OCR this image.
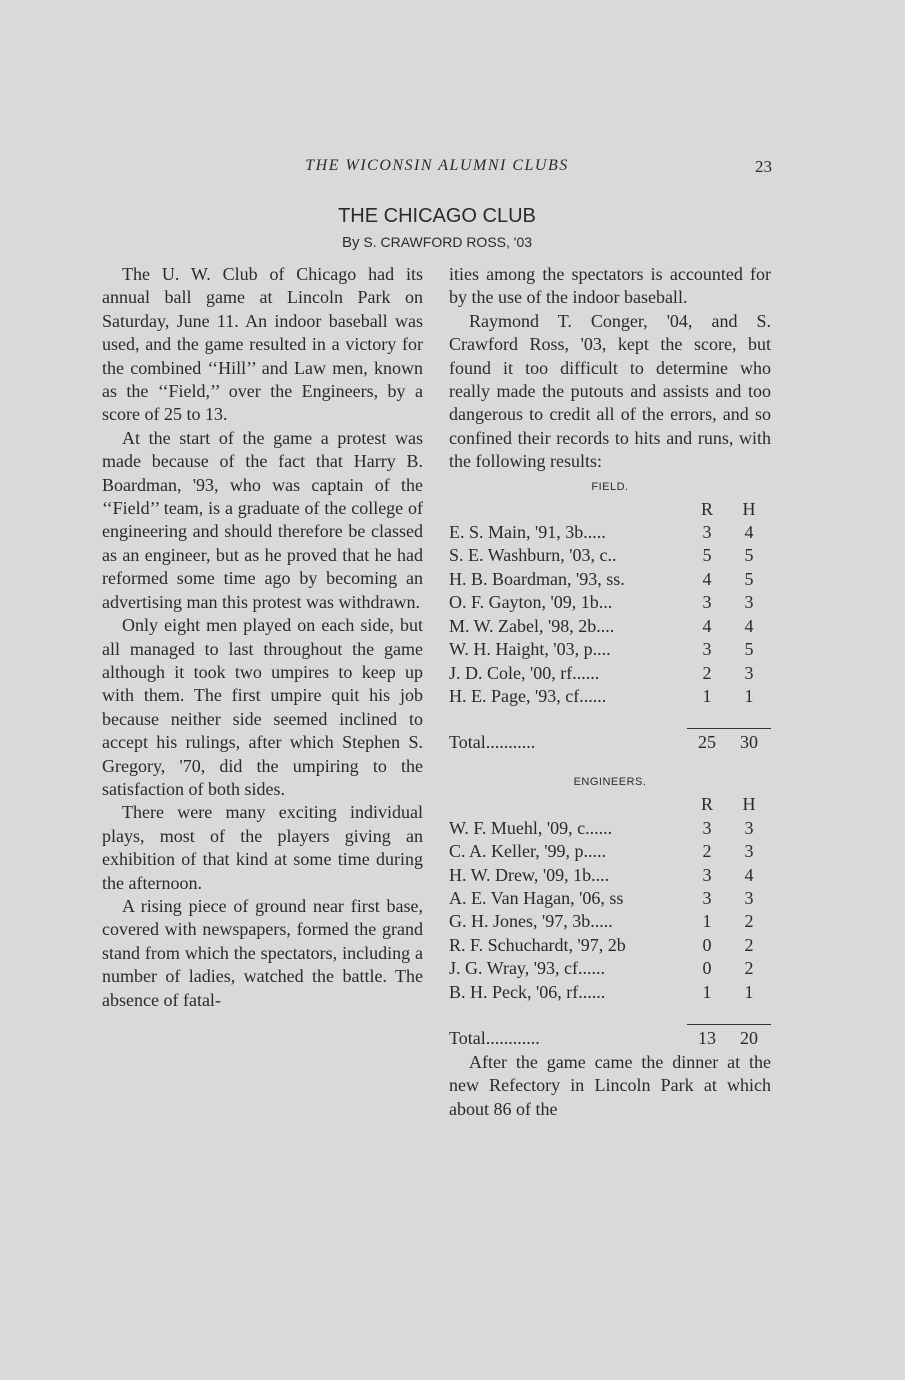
THE WICONSIN ALUMNI CLUBS	23
THE CHICAGO CLUB
By S. CRAWFORD ROSS, '03

The U. W. Club of Chicago had its annual ball game at Lincoln Park on Saturday, June 11. An indoor baseball was used, and the game resulted in a victory for the combined ‘‘Hill’’ and Law men, known as the ‘‘Field,’’ over the Engineers, by a score of 25 to 13.

At the start of the game a protest was made because of the fact that Harry B. Boardman, '93, who was captain of the ‘‘Field’’ team, is a graduate of the college of engineering and should therefore be classed as an engineer, but as he proved that he had reformed some time ago by becoming an advertising man this protest was withdrawn.

Only eight men played on each side, but all managed to last throughout the game although it took two umpires to keep up with them. The first umpire quit his job because neither side seemed inclined to accept his rulings, after which Stephen S. Gregory, '70, did the umpiring to the satisfaction of both sides.

There were many exciting individual plays, most of the players giving an exhibition of that kind at some time during the afternoon.

A rising piece of ground near first base, covered with newspapers, formed the grand stand from which the spectators, including a number of ladies, watched the battle. The absence of fatal-

ities among the spectators is accounted for by the use of the indoor baseball.

Raymond T. Conger, '04, and S. Crawford Ross, '03, kept the score, but found it too difficult to determine who really made the putouts and assists and too dangerous to credit all of the errors, and so confined their records to hits and runs, with the following results:

FIELD.
	R	H
E. S. Main, '91, 3b.....	3	4
S. E. Washburn, '03, c..	5	5
H. B. Boardman, '93, ss.	4	5
O. F. Gayton, '09, 1b...	3	3
M. W. Zabel, '98, 2b....	4	4
W. H. Haight, '03, p....	3	5
J. D. Cole, '00, rf......	2	3
H. E. Page, '93, cf......	1	1

Total...........	25	30
ENGINEERS.
	R	H
W. F. Muehl, '09, c......	3	3
C. A. Keller, '99, p.....	2	3
H. W. Drew, '09, 1b....	3	4
A. E. Van Hagan, '06, ss	3	3
G. H. Jones, '97, 3b.....	1	2
R. F. Schuchardt, '97, 2b	0	2
J. G. Wray, '93, cf......	0	2
B. H. Peck, '06, rf......	1	1

Total............	13	20

After the game came the dinner at the new Refectory in Lincoln Park at which about 86 of the
